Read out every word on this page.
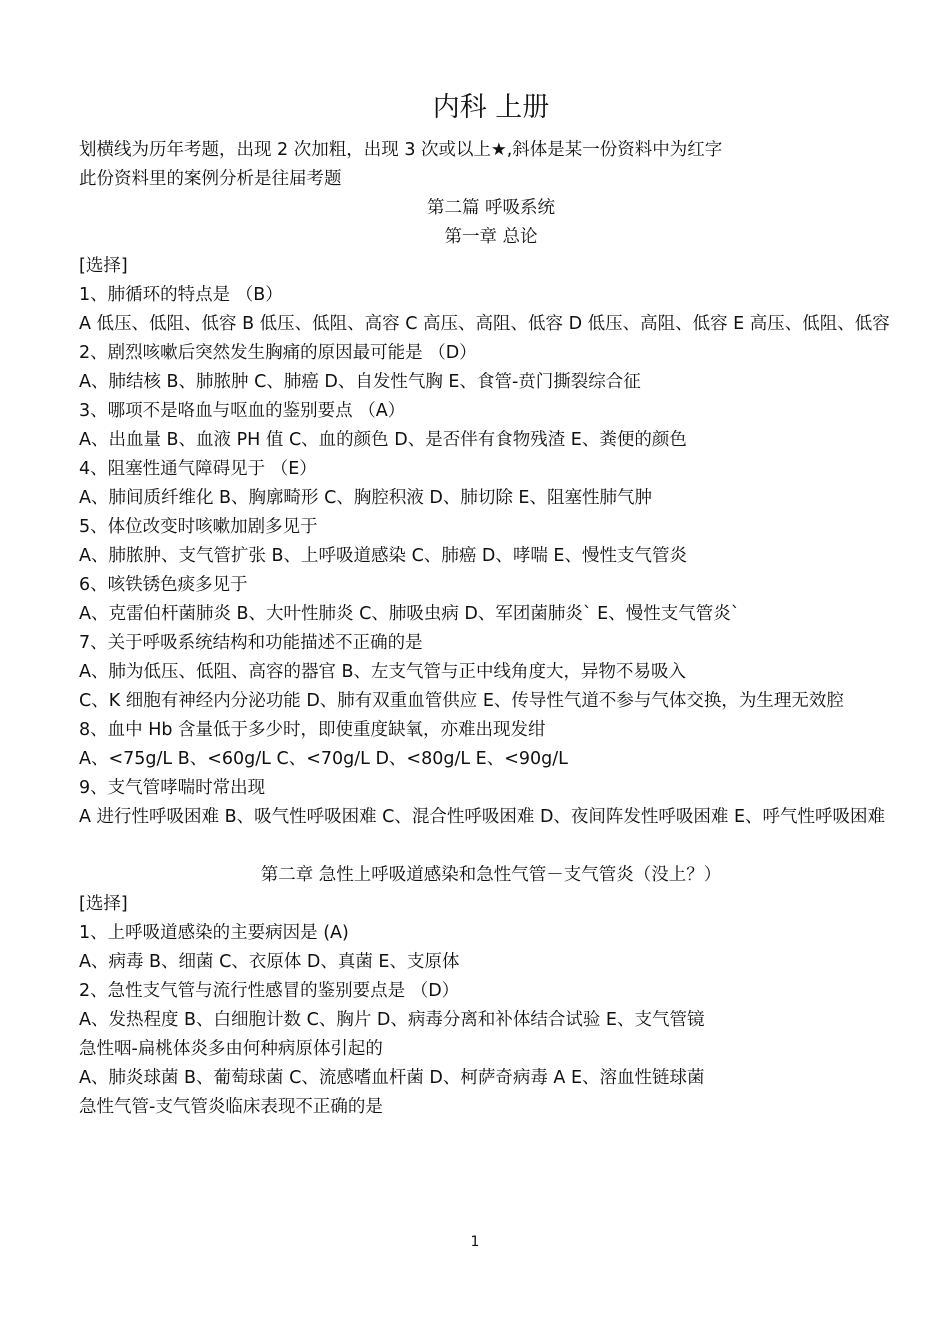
内科 上册

划横线为历年考题，出现 2 次加粗，出现 3 次或以上★,斜体是某一份资料中为红字

此份资料里的案例分析是往届考题

第二篇 呼吸系统

第一章 总论

[选择]

1、肺循环的特点是 （B）

A 低压、低阻、低容 B 低压、低阻、高容 C 高压、高阻、低容 D 低压、高阻、低容 E 高压、低阻、低容

2、剧烈咳嗽后突然发生胸痛的原因最可能是 （D）

A、肺结核 B、肺脓肿 C、肺癌 D、自发性气胸 E、食管-贲门撕裂综合征

3、哪项不是咯血与呕血的鉴别要点 （A）

A、出血量 B、血液 PH 值 C、血的颜色 D、是否伴有食物残渣 E、粪便的颜色

4、阻塞性通气障碍见于 （E）

A、肺间质纤维化 B、胸廓畸形 C、胸腔积液 D、肺切除 E、阻塞性肺气肿

5、体位改变时咳嗽加剧多见于

A、肺脓肿、支气管扩张 B、上呼吸道感染 C、肺癌 D、哮喘 E、慢性支气管炎

6、咳铁锈色痰多见于

A、克雷伯杆菌肺炎 B、大叶性肺炎 C、肺吸虫病 D、军团菌肺炎` E、慢性支气管炎`

7、关于呼吸系统结构和功能描述不正确的是

A、肺为低压、低阻、高容的器官 B、左支气管与正中线角度大，异物不易吸入

C、K 细胞有神经内分泌功能 D、肺有双重血管供应 E、传导性气道不参与气体交换，为生理无效腔

8、血中 Hb 含量低于多少时，即使重度缺氧，亦难出现发绀

A、<75g/L B、<60g/L C、<70g/L D、<80g/L E、<90g/L

9、支气管哮喘时常出现

A 进行性呼吸困难 B、吸气性呼吸困难 C、混合性呼吸困难 D、夜间阵发性呼吸困难 E、呼气性呼吸困难

第二章 急性上呼吸道感染和急性气管－支气管炎（没上？）

[选择]

1、上呼吸道感染的主要病因是 (A)

A、病毒 B、细菌 C、衣原体 D、真菌 E、支原体

2、急性支气管与流行性感冒的鉴别要点是 （D）

A、发热程度 B、白细胞计数 C、胸片 D、病毒分离和补体结合试验 E、支气管镜

急性咽-扁桃体炎多由何种病原体引起的

A、肺炎球菌 B、葡萄球菌 C、流感嗜血杆菌 D、柯萨奇病毒 A E、溶血性链球菌

急性气管-支气管炎临床表现不正确的是

1
